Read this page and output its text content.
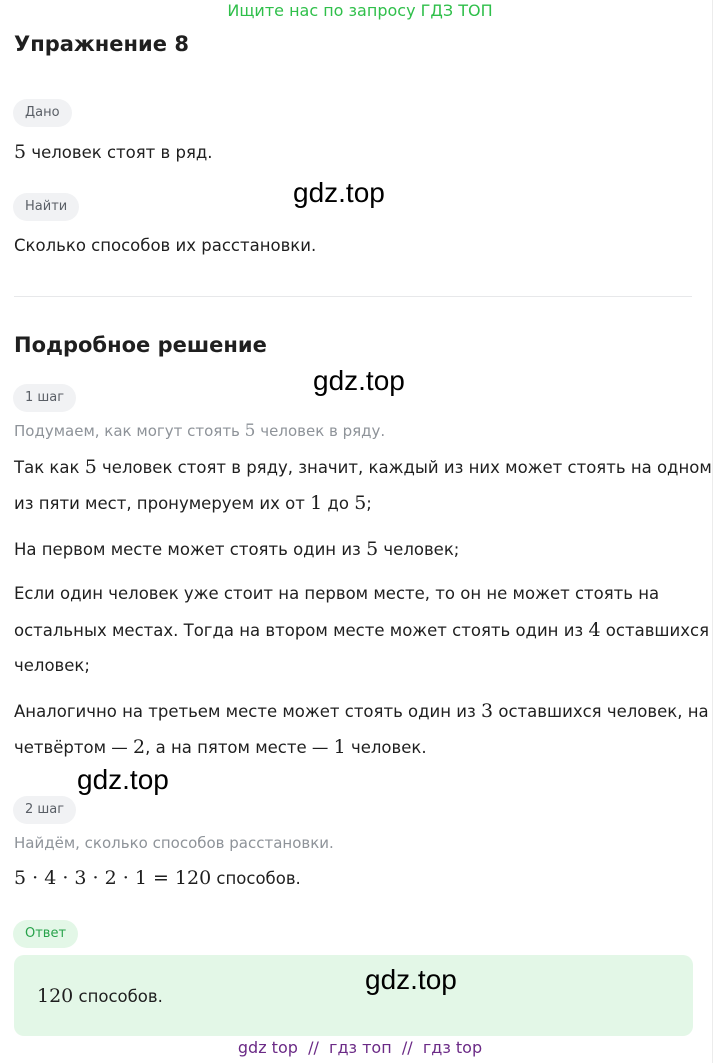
Ищите нас по запросу ГДЗ ТОП
Упражнение 8
Дано
5 человек стоят в ряд.
Найти
Сколько способов их расстановки.
gdz.top
Подробное решение
gdz.top
1 шаг
Подумаем, как могут стоять 5 человек в ряду.
Так как 5 человек стоят в ряду, значит, каждый из них может стоять на одном
из пяти мест, пронумеруем их от 1 до 5;
На первом месте может стоять один из 5 человек;
Если один человек уже стоит на первом месте, то он не может стоять на
остальных местах. Тогда на втором месте может стоять один из 4 оставшихся
человек;
Аналогично на третьем месте может стоять один из 3 оставшихся человек, на
четвёртом — 2, а на пятом месте — 1 человек.
gdz.top
2 шаг
Найдём, сколько способов расстановки.
5 · 4 · 3 · 2 · 1 = 120 способов.
Ответ
120 способов.
gdz.top
gdz top // гдз топ // гдз top
